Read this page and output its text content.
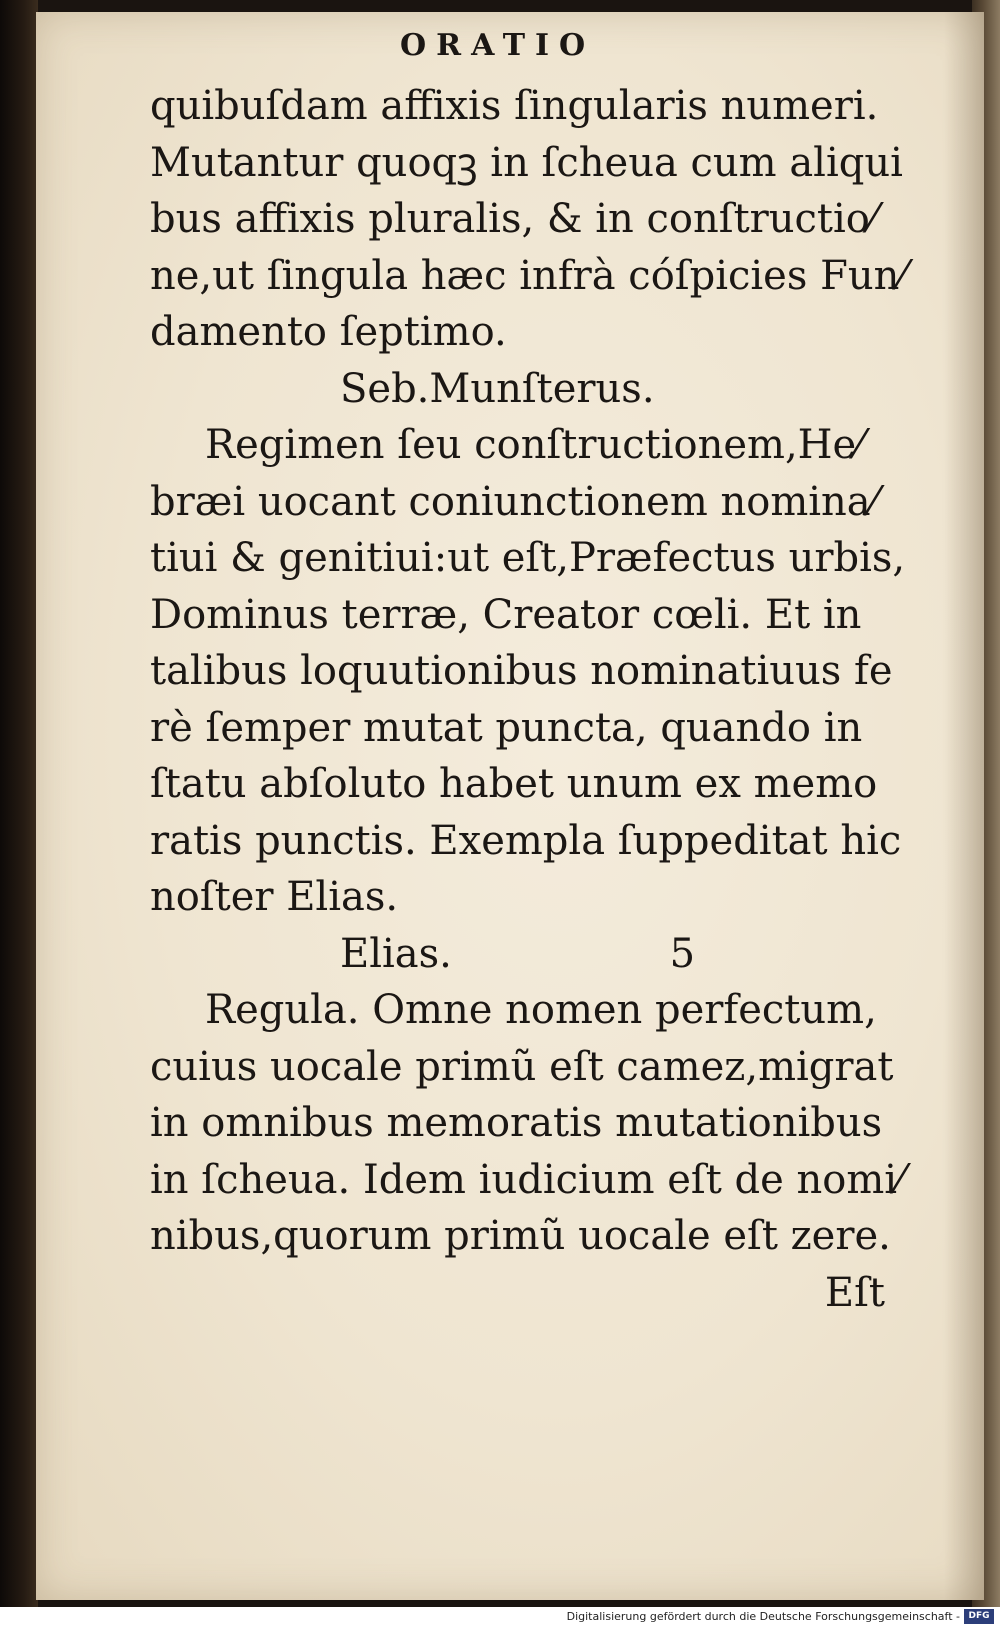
ORATIO
quibuſdam affixis ſingularis numeri.
Mutantur quoqꝫ in ſcheua cum aliqui
bus affixis pluralis, & in conſtructio⁄
ne,ut ſingula hæc infrà cóſpicies Fun⁄
damento ſeptimo.
Seb.Munſterus.
Regimen ſeu conſtructionem,He⁄
bræi uocant coniunctionem nomina⁄
tiui & genitiui:ut eſt,Præfectus urbis,
Dominus terræ, Creator cœli. Et in
talibus loquutionibus nominatiuus fe
rè ſemper mutat puncta, quando in
ſtatu abſoluto habet unum ex memo
ratis punctis. Exempla ſuppeditat hic
noſter Elias.
Elias.	5
Regula. Omne nomen perfectum,
cuius uocale primũ eſt camez,migrat
in omnibus memoratis mutationibus
in ſcheua. Idem iudicium eſt de nomi⁄
nibus,quorum primũ uocale eſt zere.
Eſt
Digitalisierung gefördert durch die Deutsche Forschungsgemeinschaft - DFG
